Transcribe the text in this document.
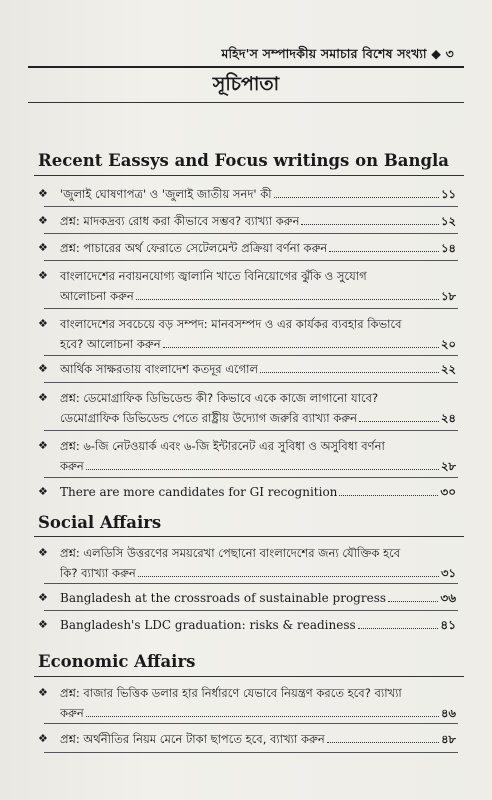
মহিদ'স সম্পাদকীয় সমাচার বিশেষ সংখ্যা ◆ ৩
সূচিপাতা
Recent Eassys and Focus writings on Bangla
❖ 'জুলাই ঘোষণাপত্র' ও 'জুলাই জাতীয় সনদ' কী	১১
❖ প্রশ্ন: মাদকদ্রব্য রোধ করা কীভাবে সম্ভব? ব্যাখ্যা করুন	১২
❖ প্রশ্ন: পাচারের অর্থ ফেরাতে সেটেলমেন্ট প্রক্রিয়া বর্ণনা করুন	১৪
❖ বাংলাদেশের নবায়নযোগ্য জ্বালানি খাতে বিনিয়োগের ঝুঁকি ও সুযোগ
আলোচনা করুন	১৮
❖ বাংলাদেশের সবচেয়ে বড় সম্পদ: মানবসম্পদ ও এর কার্যকর ব্যবহার কিভাবে
হবে? আলোচনা করুন	২০
❖ আর্থিক সাক্ষরতায় বাংলাদেশ কতদূর এগোল	২২
❖ প্রশ্ন: ডেমোগ্রাফিক ডিভিডেন্ড কী? কিভাবে একে কাজে লাগানো যাবে?
ডেমোগ্রাফিক ডিভিডেন্ড পেতে রাষ্ট্রীয় উদ্যোগ জরুরি ব্যাখ্যা করুন	২৪
❖ প্রশ্ন: ৬-জি নেটওয়ার্ক এবং ৬-জি ইন্টারনেট এর সুবিধা ও অসুবিধা বর্ণনা
করুন	২৮
❖ There are more candidates for GI recognition	৩০
Social Affairs
❖ প্রশ্ন: এলডিসি উত্তরণের সময়রেখা পেছানো বাংলাদেশের জন্য যৌক্তিক হবে
কি? ব্যাখ্যা করুন	৩১
❖ Bangladesh at the crossroads of sustainable progress	৩৬
❖ Bangladesh's LDC graduation: risks & readiness	৪১
Economic Affairs
❖ প্রশ্ন: বাজার ভিত্তিক ডলার হার নির্ধারণে যেভাবে নিয়ন্ত্রণ করতে হবে? ব্যাখ্যা
করুন	৪৬
❖ প্রশ্ন: অর্থনীতির নিয়ম মেনে টাকা ছাপতে হবে, ব্যাখ্যা করুন	৪৮
